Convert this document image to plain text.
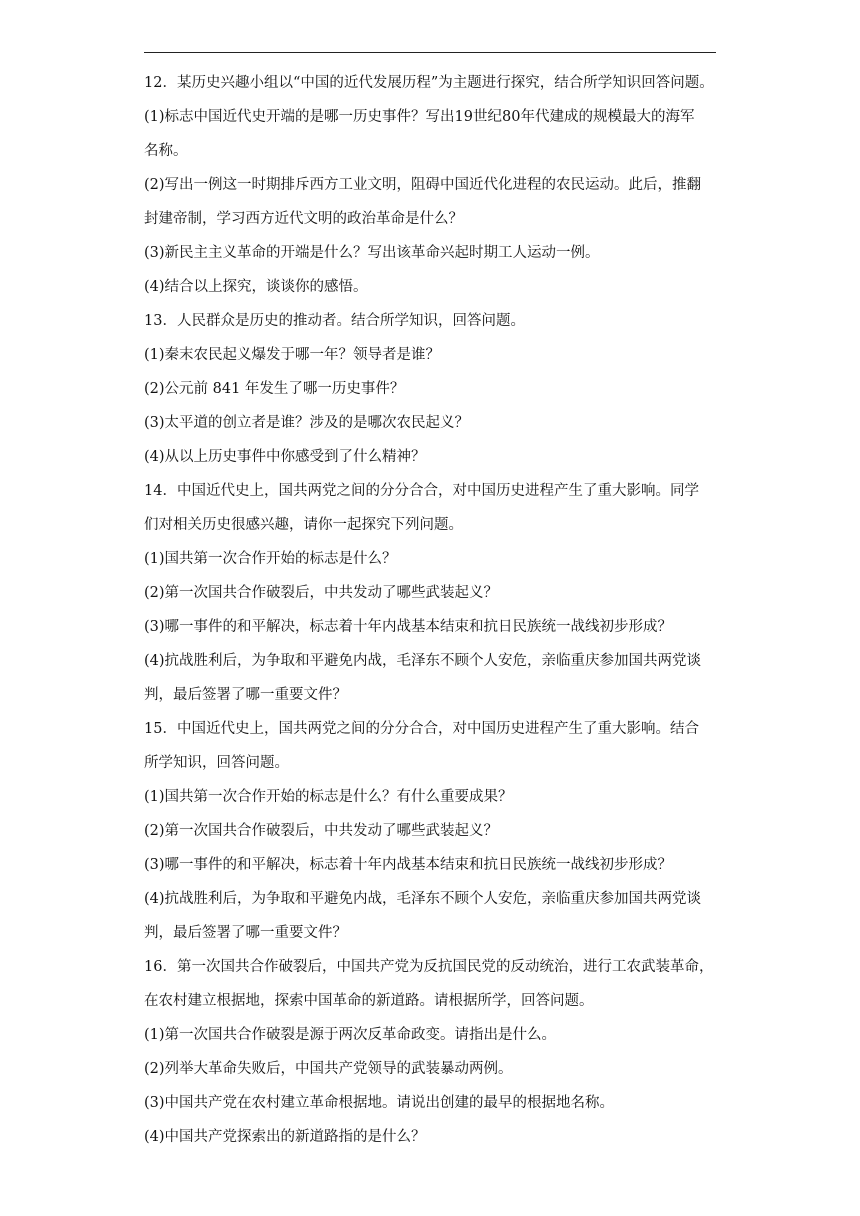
12．某历史兴趣小组以“中国的近代发展历程”为主题进行探究，结合所学知识回答问题。
(1)标志中国近代史开端的是哪一历史事件？写出19世纪80年代建成的规模最大的海军
名称。
(2)写出一例这一时期排斥西方工业文明，阻碍中国近代化进程的农民运动。此后，推翻
封建帝制，学习西方近代文明的政治革命是什么？
(3)新民主主义革命的开端是什么？写出该革命兴起时期工人运动一例。
(4)结合以上探究，谈谈你的感悟。
13．人民群众是历史的推动者。结合所学知识，回答问题。
(1)秦末农民起义爆发于哪一年？领导者是谁？
(2)公元前 841 年发生了哪一历史事件？
(3)太平道的创立者是谁？涉及的是哪次农民起义？
(4)从以上历史事件中你感受到了什么精神？
14．中国近代史上，国共两党之间的分分合合，对中国历史进程产生了重大影响。同学
们对相关历史很感兴趣，请你一起探究下列问题。
(1)国共第一次合作开始的标志是什么？
(2)第一次国共合作破裂后，中共发动了哪些武装起义？
(3)哪一事件的和平解决，标志着十年内战基本结束和抗日民族统一战线初步形成？
(4)抗战胜利后，为争取和平避免内战，毛泽东不顾个人安危，亲临重庆参加国共两党谈
判，最后签署了哪一重要文件？
15．中国近代史上，国共两党之间的分分合合，对中国历史进程产生了重大影响。结合
所学知识，回答问题。
(1)国共第一次合作开始的标志是什么？有什么重要成果？
(2)第一次国共合作破裂后，中共发动了哪些武装起义？
(3)哪一事件的和平解决，标志着十年内战基本结束和抗日民族统一战线初步形成？
(4)抗战胜利后，为争取和平避免内战，毛泽东不顾个人安危，亲临重庆参加国共两党谈
判，最后签署了哪一重要文件？
16．第一次国共合作破裂后，中国共产党为反抗国民党的反动统治，进行工农武装革命，
在农村建立根据地，探索中国革命的新道路。请根据所学，回答问题。
(1)第一次国共合作破裂是源于两次反革命政变。请指出是什么。
(2)列举大革命失败后，中国共产党领导的武装暴动两例。
(3)中国共产党在农村建立革命根据地。请说出创建的最早的根据地名称。
(4)中国共产党探索出的新道路指的是什么？
